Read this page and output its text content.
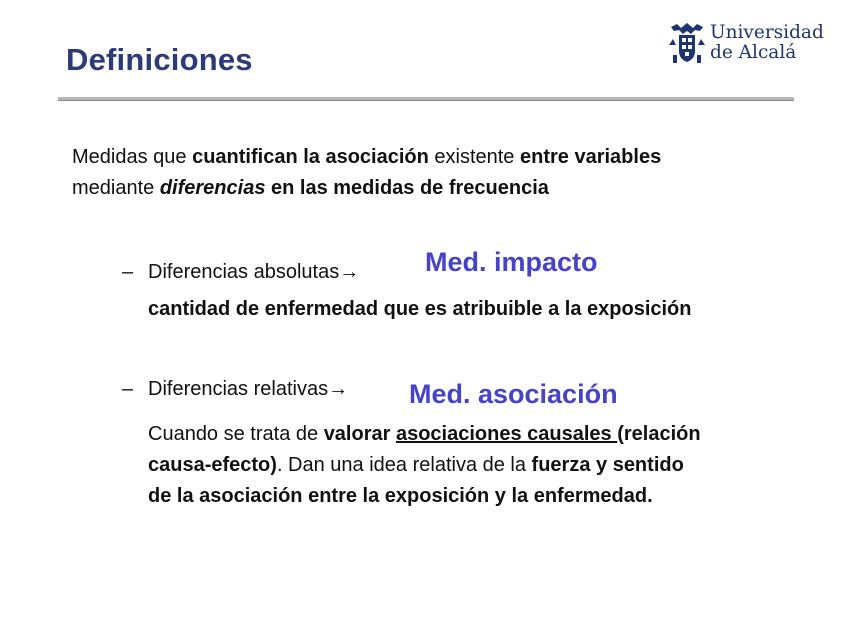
Definiciones
Universidad
de Alcalá
Medidas que cuantifican la asociación existente entre variables
mediante diferencias en las medidas de frecuencia
– Diferencias absolutas→ Med. impacto
cantidad de enfermedad que es atribuible a la exposición
– Diferencias relativas→ Med. asociación
Cuando se trata de valorar asociaciones causales (relación
causa-efecto). Dan una idea relativa de la fuerza y sentido
de la asociación entre la exposición y la enfermedad.
